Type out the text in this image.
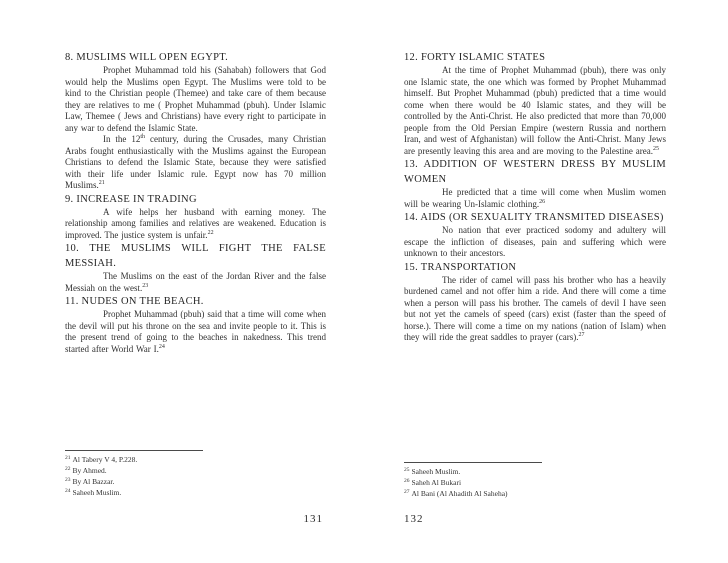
8. MUSLIMS WILL OPEN EGYPT.

Prophet Muhammad told his (Sahabah) followers that God would help the Muslims open Egypt. The Muslims were told to be kind to the Christian people (Themee) and take care of them because they are relatives to me ( Prophet Muhammad (pbuh). Under Islamic Law, Themee ( Jews and Christians) have every right to participate in any war to defend the Islamic State.

In the 12th century, during the Crusades, many Christian Arabs fought enthusiastically with the Muslims against the European Christians to defend the Islamic State, because they were satisfied with their life under Islamic rule. Egypt now has 70 million Muslims.$^{21}$

9. INCREASE IN TRADING

A wife helps her husband with earning money. The relationship among families and relatives are weakened. Education is improved. The justice system is unfair.$^{22}$

10. THE MUSLIMS WILL FIGHT THE FALSE MESSIAH.

The Muslims on the east of the Jordan River and the false Messiah on the west.$^{23}$

11. NUDES ON THE BEACH.

Prophet Muhammad (pbuh) said that a time will come when the devil will put his throne on the sea and invite people to it. This is the present trend of going to the beaches in nakedness. This trend started after World War I.$^{24}$

$^{21}$ Al Tabery V 4, P.228.
$^{22}$ By Ahmed.
$^{23}$ By Al Bazzar.
$^{24}$ Saheeh Muslim.
131
12. FORTY ISLAMIC STATES

At the time of Prophet Muhammad (pbuh), there was only one Islamic state, the one which was formed by Prophet Muhammad himself. But Prophet Muhammad (pbuh) predicted that a time would come when there would be 40 Islamic states, and they will be controlled by the Anti-Christ. He also predicted that more than 70,000 people from the Old Persian Empire (western Russia and northern Iran, and west of Afghanistan) will follow the Anti-Christ. Many Jews are presently leaving this area and are moving to the Palestine area.$^{25}$

13. ADDITION OF WESTERN DRESS BY MUSLIM WOMEN

He predicted that a time will come when Muslim women will be wearing Un-Islamic clothing.$^{26}$

14. AIDS (OR SEXUALITY TRANSMITED DISEASES)

No nation that ever practiced sodomy and adultery will escape the infliction of diseases, pain and suffering which were unknown to their ancestors.

15. TRANSPORTATION

The rider of camel will pass his brother who has a heavily burdened camel and not offer him a ride. And there will come a time when a person will pass his brother. The camels of devil I have seen but not yet the camels of speed (cars) exist (faster than the speed of horse.). There will come a time on my nations (nation of Islam) when they will ride the great saddles to prayer (cars).$^{27}$

$^{25}$ Saheeh Muslim.
$^{26}$ Saheh Al Bukari
$^{27}$ Al Bani (Al Ahadith Al Saheha)
132
